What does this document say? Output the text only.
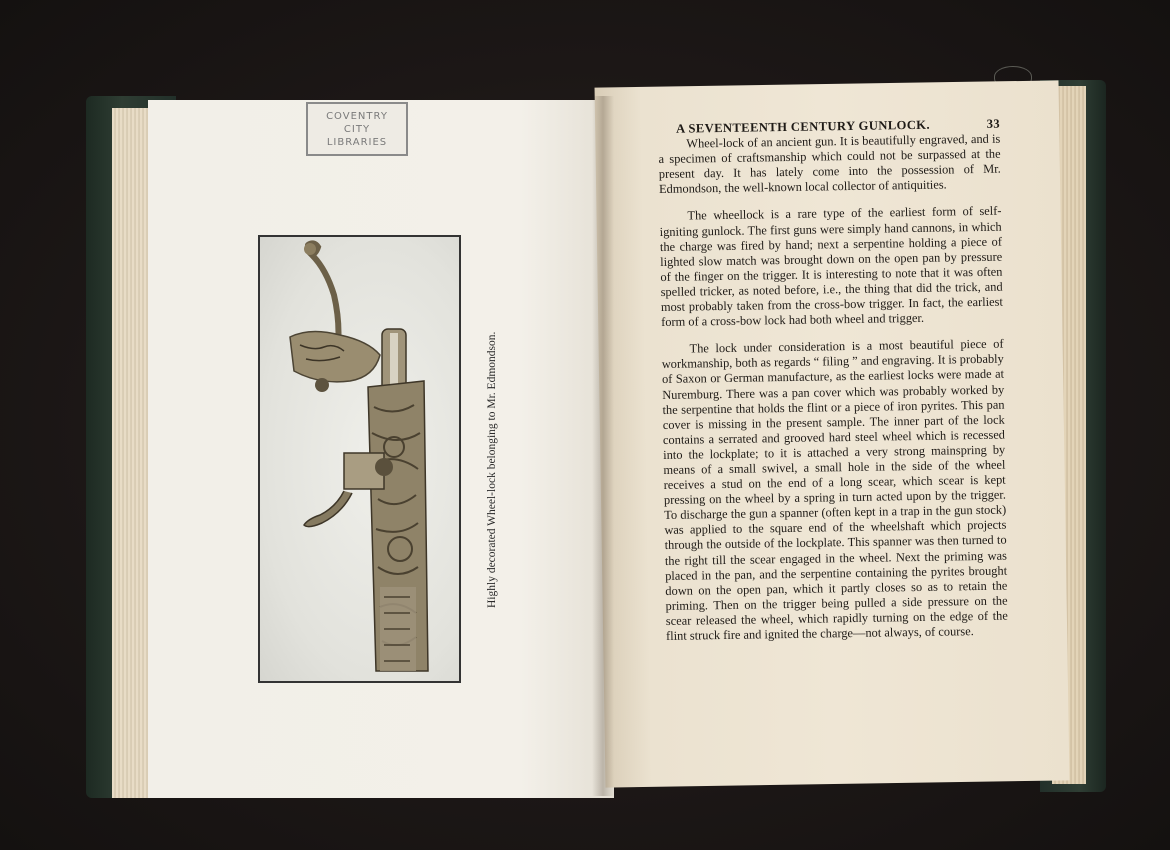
COVENTRY
CITY
LIBRARIES
Highly decorated Wheel-lock belonging to Mr. Edmondson.
A SEVENTEENTH CENTURY GUNLOCK.	33

Wheel-lock of an ancient gun. It is beautifully engraved, and is a specimen of craftsmanship which could not be surpassed at the present day. It has lately come into the possession of Mr. Edmondson, the well-known local collector of antiquities.

The wheellock is a rare type of the earliest form of self-igniting gunlock. The first guns were simply hand cannons, in which the charge was fired by hand; next a serpentine holding a piece of lighted slow match was brought down on the open pan by pressure of the finger on the trigger. It is interesting to note that it was often spelled tricker, as noted before, i.e., the thing that did the trick, and most probably taken from the cross-bow trigger. In fact, the earliest form of a cross-bow lock had both wheel and trigger.

The lock under consideration is a most beautiful piece of workmanship, both as regards “ filing ” and engraving. It is probably of Saxon or German manufacture, as the earliest locks were made at Nuremburg. There was a pan cover which was probably worked by the serpentine that holds the flint or a piece of iron pyrites. This pan cover is missing in the present sample. The inner part of the lock contains a serrated and grooved hard steel wheel which is recessed into the lockplate; to it is attached a very strong mainspring by means of a small swivel, a small hole in the side of the wheel receives a stud on the end of a long scear, which scear is kept pressing on the wheel by a spring in turn acted upon by the trigger. To discharge the gun a spanner (often kept in a trap in the gun stock) was applied to the square end of the wheelshaft which projects through the outside of the lockplate. This spanner was then turned to the right till the scear engaged in the wheel. Next the priming was placed in the pan, and the serpentine containing the pyrites brought down on the open pan, which it partly closes so as to retain the priming. Then on the trigger being pulled a side pressure on the scear released the wheel, which rapidly turning on the edge of the flint struck fire and ignited the charge—not always, of course.
